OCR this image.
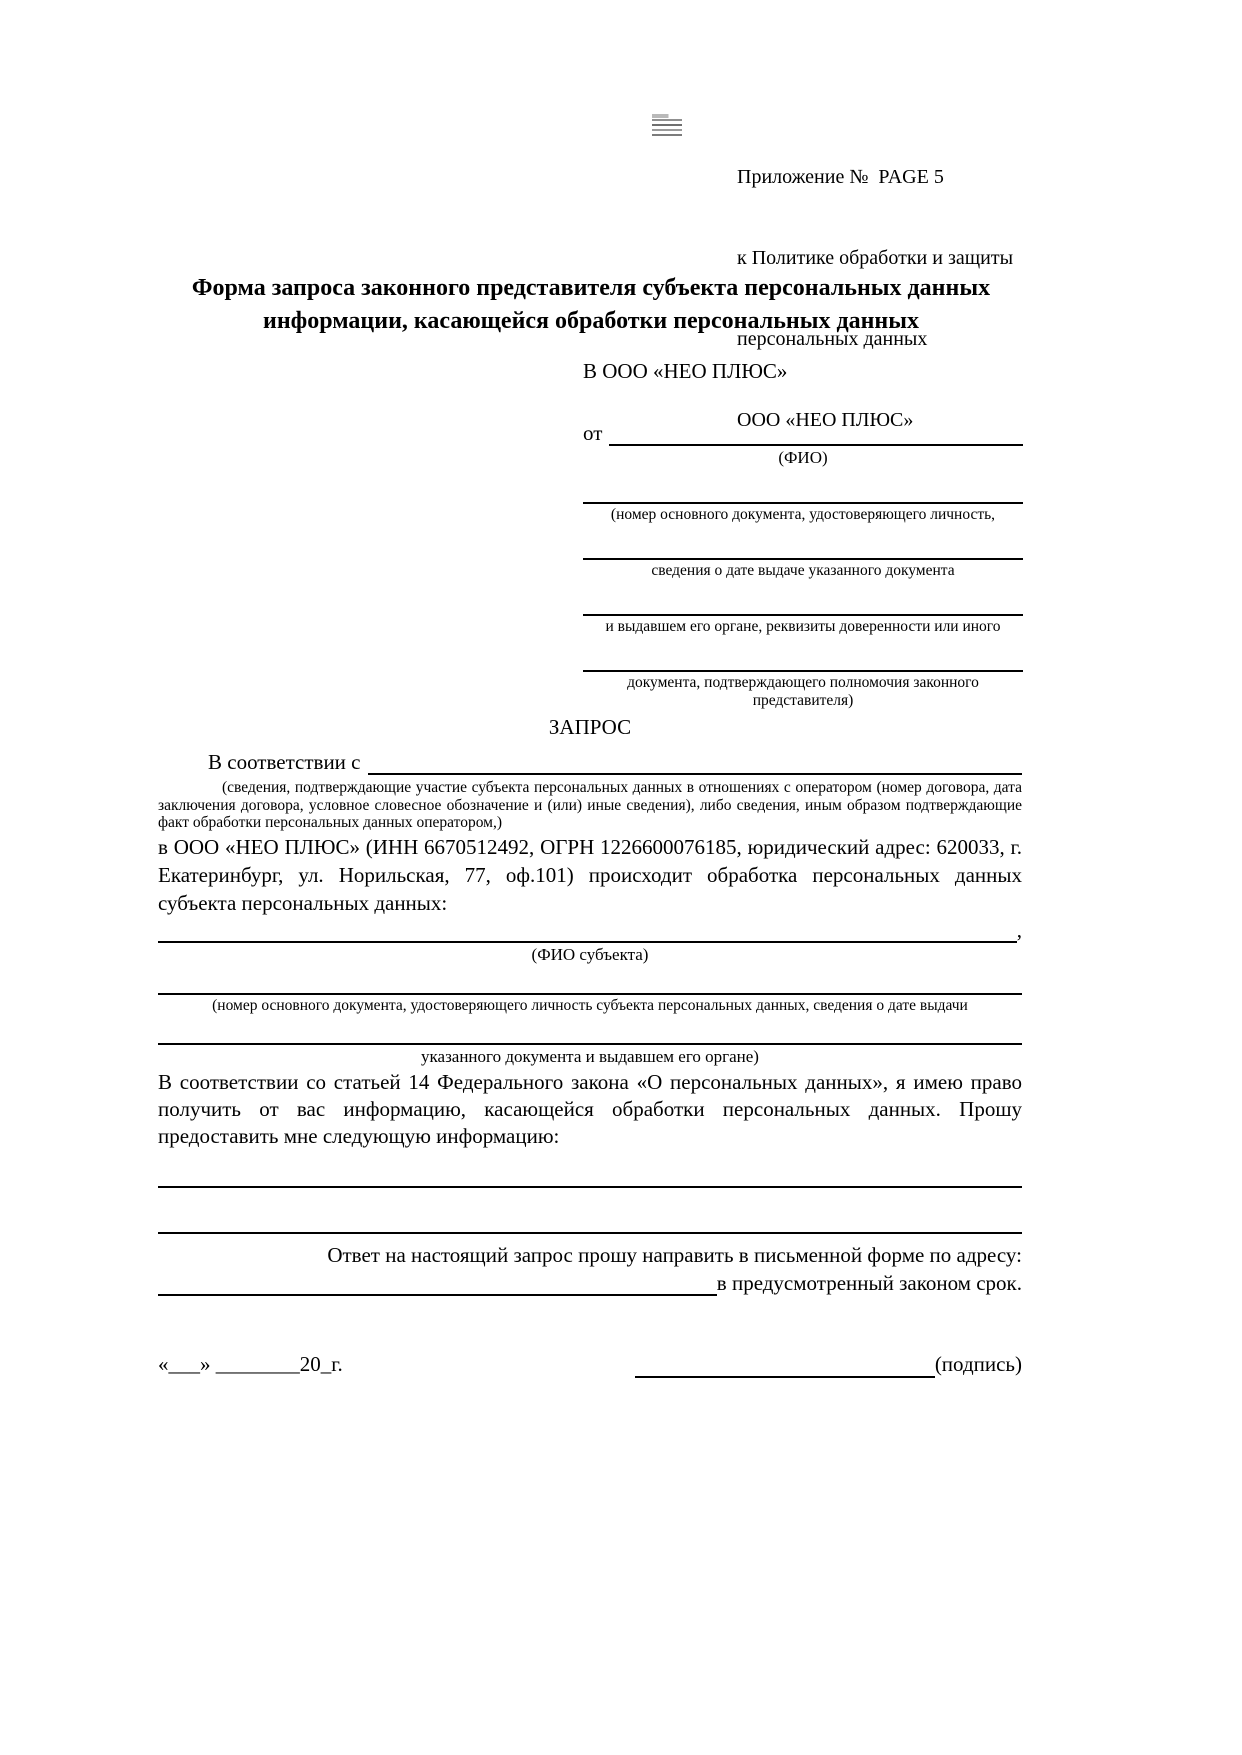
Приложение №  PAGE 5

к Политике обработки и защиты

персональных данных

ООО «НЕО ПЛЮС»

Форма запроса законного представителя субъекта персональных данных
информации, касающейся обработки персональных данных
В ООО «НЕО ПЛЮС»
от
(ФИО)
(номер основного документа, удостоверяющего личность,
сведения о дате выдаче указанного документа
и выдавшем его органе, реквизиты доверенности или иного
документа, подтверждающего полномочия законного представителя)
ЗАПРОС
В соответствии с

(сведения, подтверждающие участие субъекта персональных данных в отношениях с оператором (номер договора, дата заключения договора, условное словесное обозначение и (или) иные сведения), либо сведения, иным образом подтверждающие факт обработки персональных данных оператором,)

в ООО «НЕО ПЛЮС» (ИНН 6670512492, ОГРН 1226600076185, юридический адрес: 620033, г. Екатеринбург, ул. Норильская, 77, оф.101) происходит обработка персональных данных субъекта персональных данных:

,
(ФИО субъекта)
(номер основного документа, удостоверяющего личность субъекта персональных данных, сведения о дате выдачи
указанного документа и выдавшем его органе)

В соответствии со статьей 14 Федерального закона «О персональных данных», я имею право получить от вас информацию, касающейся обработки персональных данных. Прошу предоставить мне следующую информацию:

Ответ на настоящий запрос прошу направить в письменной форме по адресу:
в предусмотренный законом срок.
«___» ________20_г.	(подпись)
